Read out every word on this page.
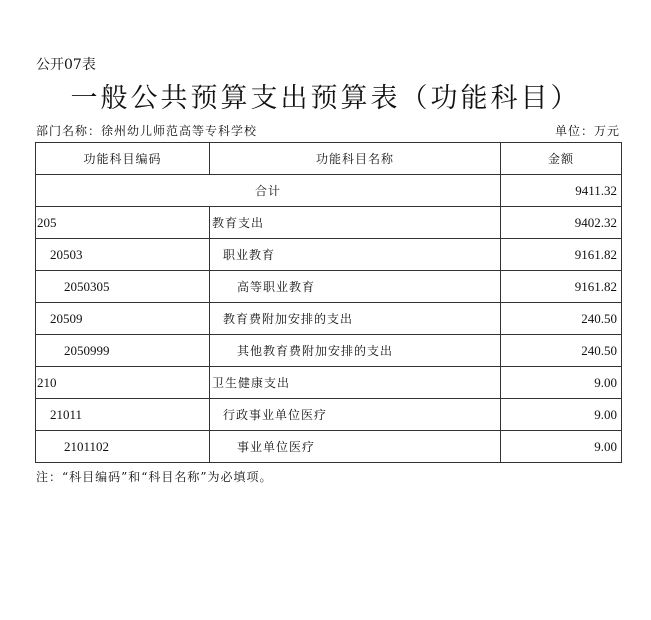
公开07表
一般公共预算支出预算表（功能科目）
部门名称：徐州幼儿师范高等专科学校	单位：万元
功能科目编码	功能科目名称	金额
合计		9411.32
205	教育支出	9402.32
20503	职业教育	9161.82
2050305	高等职业教育	9161.82
20509	教育费附加安排的支出	240.50
2050999	其他教育费附加安排的支出	240.50
210	卫生健康支出	9.00
21011	行政事业单位医疗	9.00
2101102	事业单位医疗	9.00
注：“科目编码”和“科目名称”为必填项。
